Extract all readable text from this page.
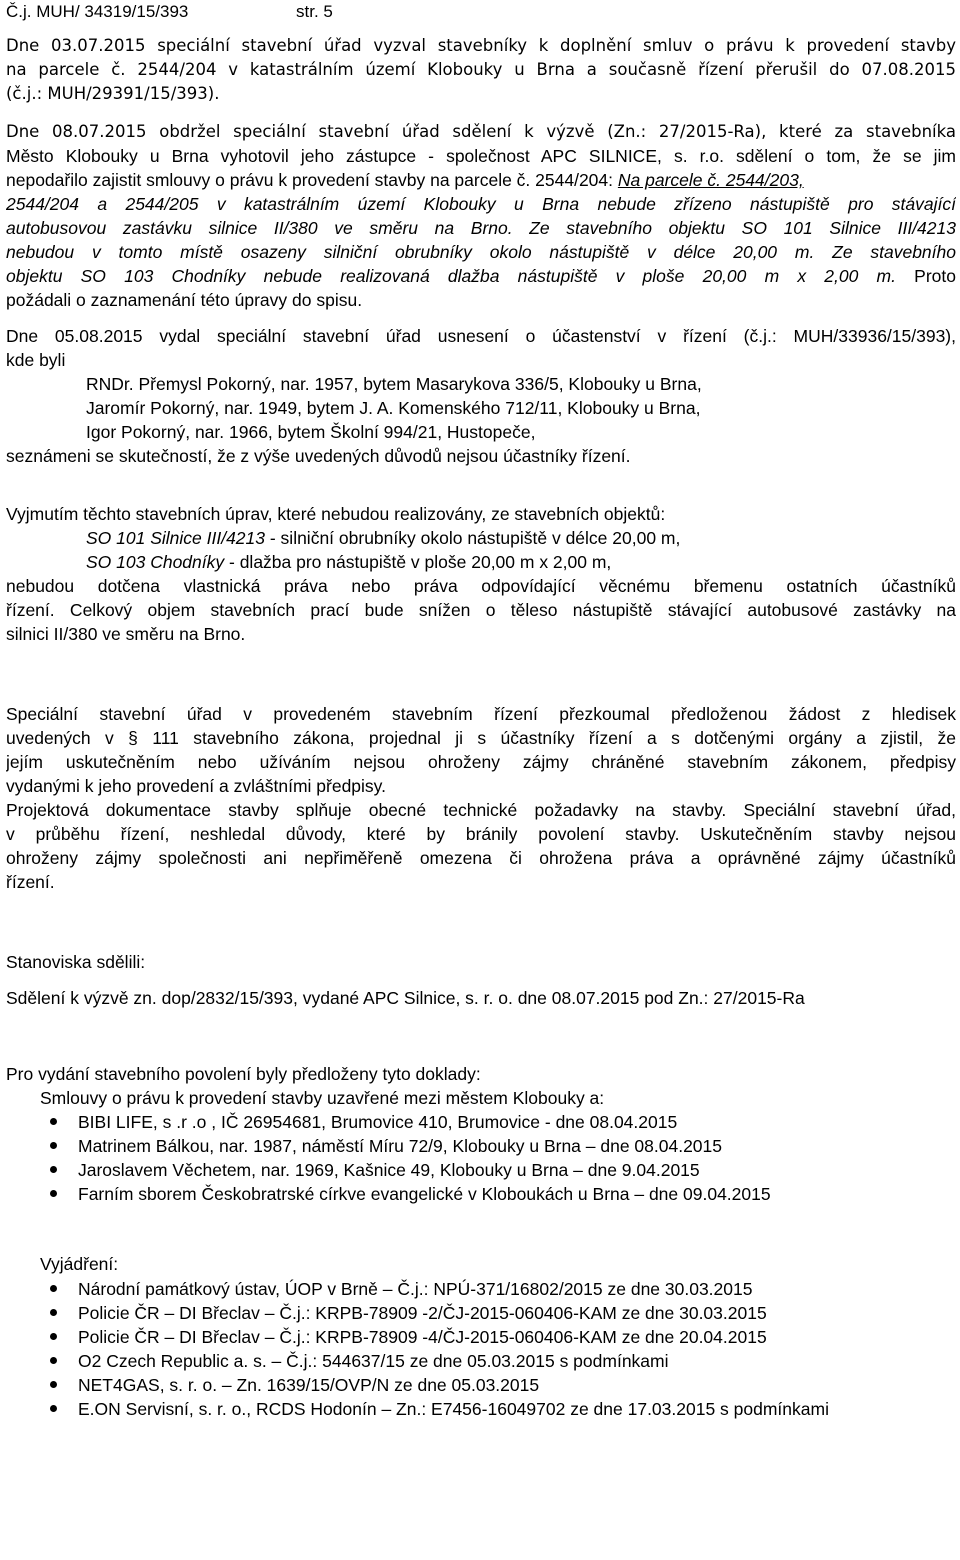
Č.j. MUH/ 34319/15/393	str. 5
Dne 03.07.2015 speciální stavební úřad vyzval stavebníky k doplnění smluv o právu k provedení stavby
na parcele č. 2544/204 v katastrálním území Klobouky u Brna a současně řízení přerušil do 07.08.2015
(č.j.: MUH/29391/15/393).
Dne 08.07.2015 obdržel speciální stavební úřad sdělení k výzvě (Zn.: 27/2015-Ra), které za stavebníka
Město Klobouky u Brna vyhotovil jeho zástupce - společnost APC SILNICE, s. r.o. sdělení o tom, že se jim
nepodařilo zajistit smlouvy o právu k provedení stavby na parcele č. 2544/204: Na parcele č. 2544/203,
2544/204 a 2544/205 v katastrálním území Klobouky u Brna nebude zřízeno nástupiště pro stávající
autobusovou zastávku silnice II/380 ve směru na Brno. Ze stavebního objektu SO 101 Silnice III/4213
nebudou v tomto místě osazeny silniční obrubníky okolo nástupiště v délce 20,00 m. Ze stavebního
objektu SO 103 Chodníky nebude realizovaná dlažba nástupiště v ploše 20,00 m x 2,00 m. Proto
požádali o zaznamenání této úpravy do spisu.
Dne 05.08.2015 vydal speciální stavební úřad usnesení o účastenství v řízení (č.j.: MUH/33936/15/393),
kde byli
RNDr. Přemysl Pokorný, nar. 1957, bytem Masarykova 336/5, Klobouky u Brna,
Jaromír Pokorný, nar. 1949, bytem J. A. Komenského 712/11, Klobouky u Brna,
Igor Pokorný, nar. 1966, bytem Školní 994/21, Hustopeče,
seznámeni se skutečností, že z výše uvedených důvodů nejsou účastníky řízení.
Vyjmutím těchto stavebních úprav, které nebudou realizovány, ze stavebních objektů:
SO 101 Silnice III/4213 - silniční obrubníky okolo nástupiště v délce 20,00 m,
SO 103 Chodníky - dlažba pro nástupiště v ploše 20,00 m x 2,00 m,
nebudou dotčena vlastnická práva nebo práva odpovídající věcnému břemenu ostatních účastníků
řízení. Celkový objem stavebních prací bude snížen o těleso nástupiště stávající autobusové zastávky na
silnici II/380 ve směru na Brno.
Speciální stavební úřad v provedeném stavebním řízení přezkoumal předloženou žádost z hledisek
uvedených v § 111 stavebního zákona, projednal ji s účastníky řízení a s dotčenými orgány a zjistil, že
jejím uskutečněním nebo užíváním nejsou ohroženy zájmy chráněné stavebním zákonem, předpisy
vydanými k jeho provedení a zvláštními předpisy.
Projektová dokumentace stavby splňuje obecné technické požadavky na stavby. Speciální stavební úřad,
v průběhu řízení, neshledal důvody, které by bránily povolení stavby. Uskutečněním stavby nejsou
ohroženy zájmy společnosti ani nepřiměřeně omezena či ohrožena práva a oprávněné zájmy účastníků
řízení.
Stanoviska sdělili:
Sdělení k výzvě zn. dop/2832/15/393, vydané APC Silnice, s. r. o. dne 08.07.2015 pod Zn.: 27/2015-Ra
Pro vydání stavebního povolení byly předloženy tyto doklady:
Smlouvy o právu k provedení stavby uzavřené mezi městem Klobouky a:
BIBI LIFE, s .r .o , IČ 26954681, Brumovice 410, Brumovice - dne 08.04.2015
Matrinem Bálkou, nar. 1987, náměstí Míru 72/9, Klobouky u Brna – dne 08.04.2015
Jaroslavem Věchetem, nar. 1969, Kašnice 49, Klobouky u Brna – dne 9.04.2015
Farním sborem Českobratrské církve evangelické v Kloboukách u Brna – dne 09.04.2015
Vyjádření:
Národní památkový ústav, ÚOP v Brně – Č.j.: NPÚ-371/16802/2015 ze dne 30.03.2015
Policie ČR – DI Břeclav – Č.j.: KRPB-78909 -2/ČJ-2015-060406-KAM ze dne 30.03.2015
Policie ČR – DI Břeclav – Č.j.: KRPB-78909 -4/ČJ-2015-060406-KAM ze dne 20.04.2015
O2 Czech Republic a. s. – Č.j.: 544637/15 ze dne 05.03.2015 s podmínkami
NET4GAS, s. r. o. – Zn. 1639/15/OVP/N ze dne 05.03.2015
E.ON Servisní, s. r. o., RCDS Hodonín – Zn.: E7456-16049702 ze dne 17.03.2015 s podmínkami
